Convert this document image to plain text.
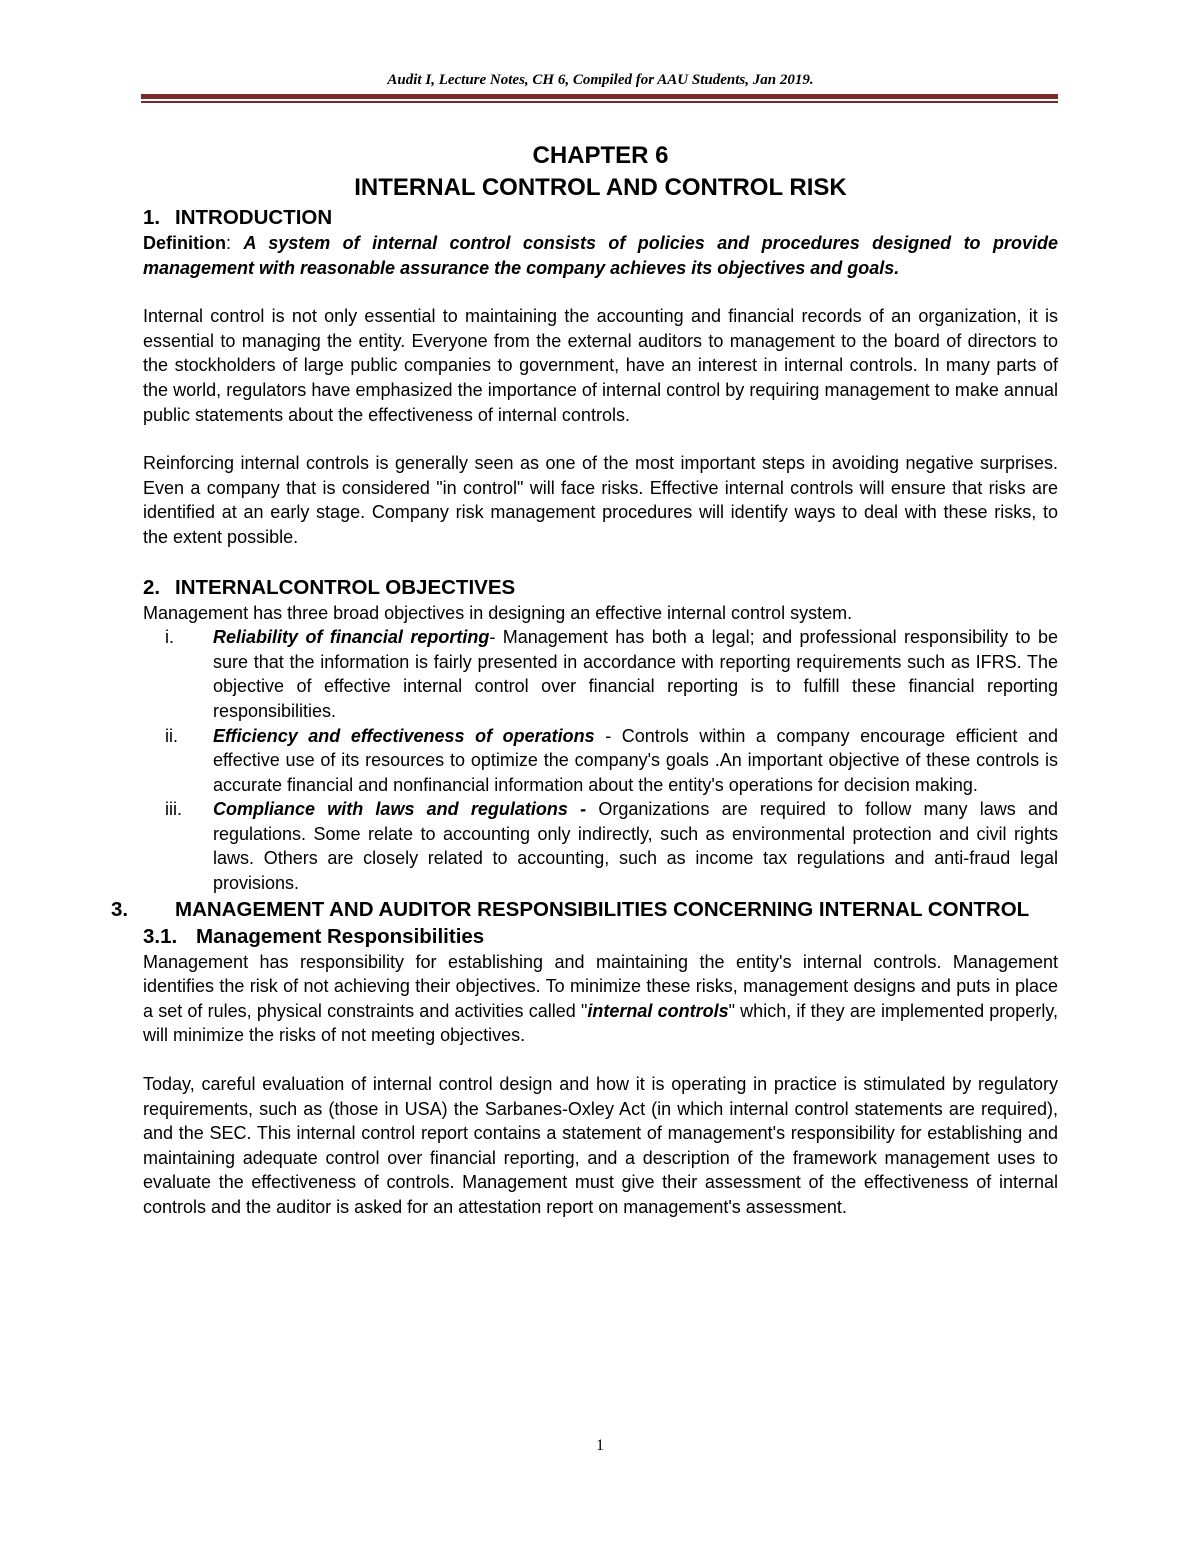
Audit I, Lecture Notes, CH 6, Compiled for AAU Students, Jan 2019.
CHAPTER 6
INTERNAL CONTROL AND CONTROL RISK
1. INTRODUCTION
Definition: A system of internal control consists of policies and procedures designed to provide management with reasonable assurance the company achieves its objectives and goals.
Internal control is not only essential to maintaining the accounting and financial records of an organization, it is essential to managing the entity. Everyone from the external auditors to management to the board of directors to the stockholders of large public companies to government, have an interest in internal controls. In many parts of the world, regulators have emphasized the importance of internal control by requiring management to make annual public statements about the effectiveness of internal controls.
Reinforcing internal controls is generally seen as one of the most important steps in avoiding negative surprises. Even a company that is considered "in control" will face risks. Effective internal controls will ensure that risks are identified at an early stage. Company risk management procedures will identify ways to deal with these risks, to the extent possible.
2. INTERNALCONTROL OBJECTIVES
Management has three broad objectives in designing an effective internal control system.
i.	Reliability of financial reporting- Management has both a legal; and professional responsibility to be sure that the information is fairly presented in accordance with reporting requirements such as IFRS. The objective of effective internal control over financial reporting is to fulfill these financial reporting responsibilities.
ii.	Efficiency and effectiveness of operations - Controls within a company encourage efficient and effective use of its resources to optimize the company's goals .An important objective of these controls is accurate financial and nonfinancial information about the entity's operations for decision making.
iii.	Compliance with laws and regulations - Organizations are required to follow many laws and regulations. Some relate to accounting only indirectly, such as environmental protection and civil rights laws. Others are closely related to accounting, such as income tax regulations and anti-fraud legal provisions.
3. MANAGEMENT AND AUDITOR RESPONSIBILITIES CONCERNING INTERNAL CONTROL
3.1. Management Responsibilities
Management has responsibility for establishing and maintaining the entity's internal controls. Management identifies the risk of not achieving their objectives. To minimize these risks, management designs and puts in place a set of rules, physical constraints and activities called "internal controls" which, if they are implemented properly, will minimize the risks of not meeting objectives.
Today, careful evaluation of internal control design and how it is operating in practice is stimulated by regulatory requirements, such as (those in USA) the Sarbanes-Oxley Act (in which internal control statements are required), and the SEC. This internal control report contains a statement of management's responsibility for establishing and maintaining adequate control over financial reporting, and a description of the framework management uses to evaluate the effectiveness of controls. Management must give their assessment of the effectiveness of internal controls and the auditor is asked for an attestation report on management's assessment.
1
